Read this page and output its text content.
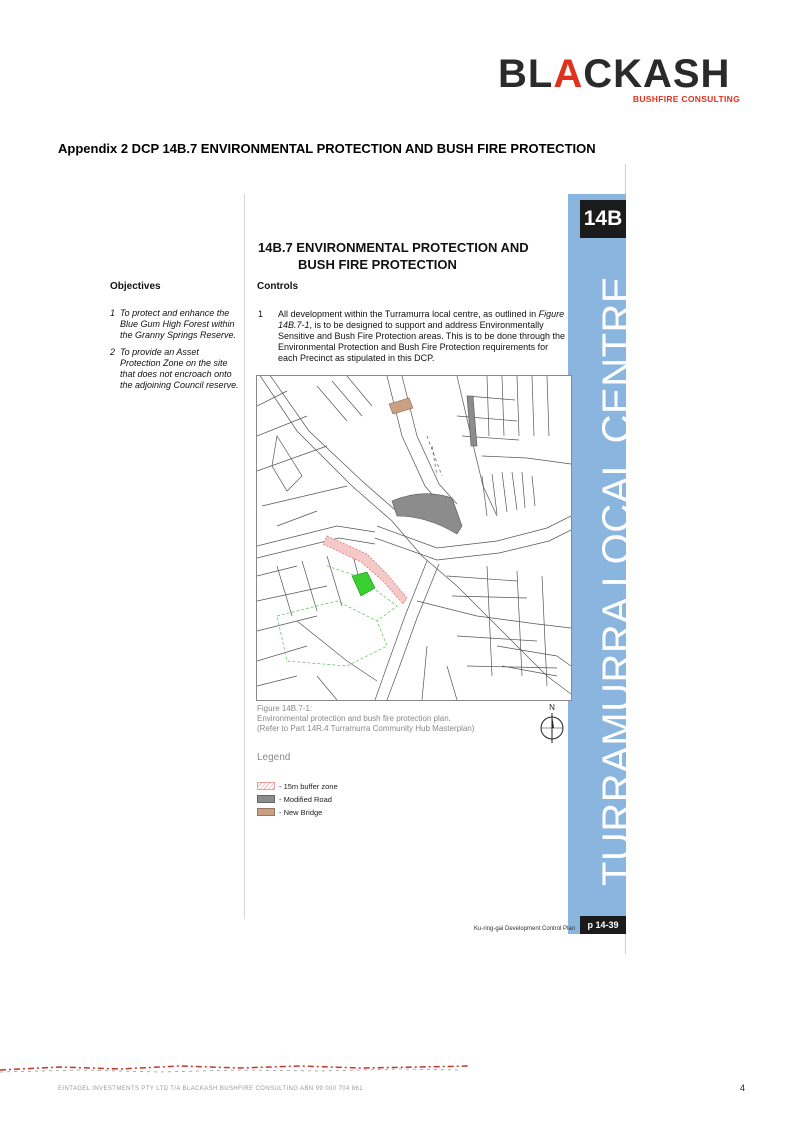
BLACKASH
BUSHFIRE CONSULTING
Appendix 2 DCP 14B.7 ENVIRONMENTAL PROTECTION AND BUSH FIRE PROTECTION
14B
TURRAMURRA LOCAL CENTRE
p 14-39
14B.7 ENVIRONMENTAL PROTECTION AND
BUSH FIRE PROTECTION
Objectives	Controls
1 To protect and enhance the Blue Gum High Forest within the Granny Springs Reserve.
2 To provide an Asset Protection Zone on the site that does not encroach onto the adjoining Council reserve.
1 All development within the Turramurra local centre, as outlined in Figure 14B.7-1, is to be designed to support and address Environmentally Sensitive and Bush Fire Protection areas. This is to be done through the Environmental Protection and Bush Fire Protection requirements for each Precinct as stipulated in this DCP.
Figure 14B.7-1:
Environmental protection and bush fire protection plan.
(Refer to Part 14R.4 Turramurra Community Hub Masterplan)
N
Legend
- 15m buffer zone
- Modified Road
- New Bridge
Ku-ring-gai Development Control Plan
EINTAGEL INVESTMENTS PTY LTD T/A BLACKASH BUSHFIRE CONSULTING ABN 99 000 704 861	4
